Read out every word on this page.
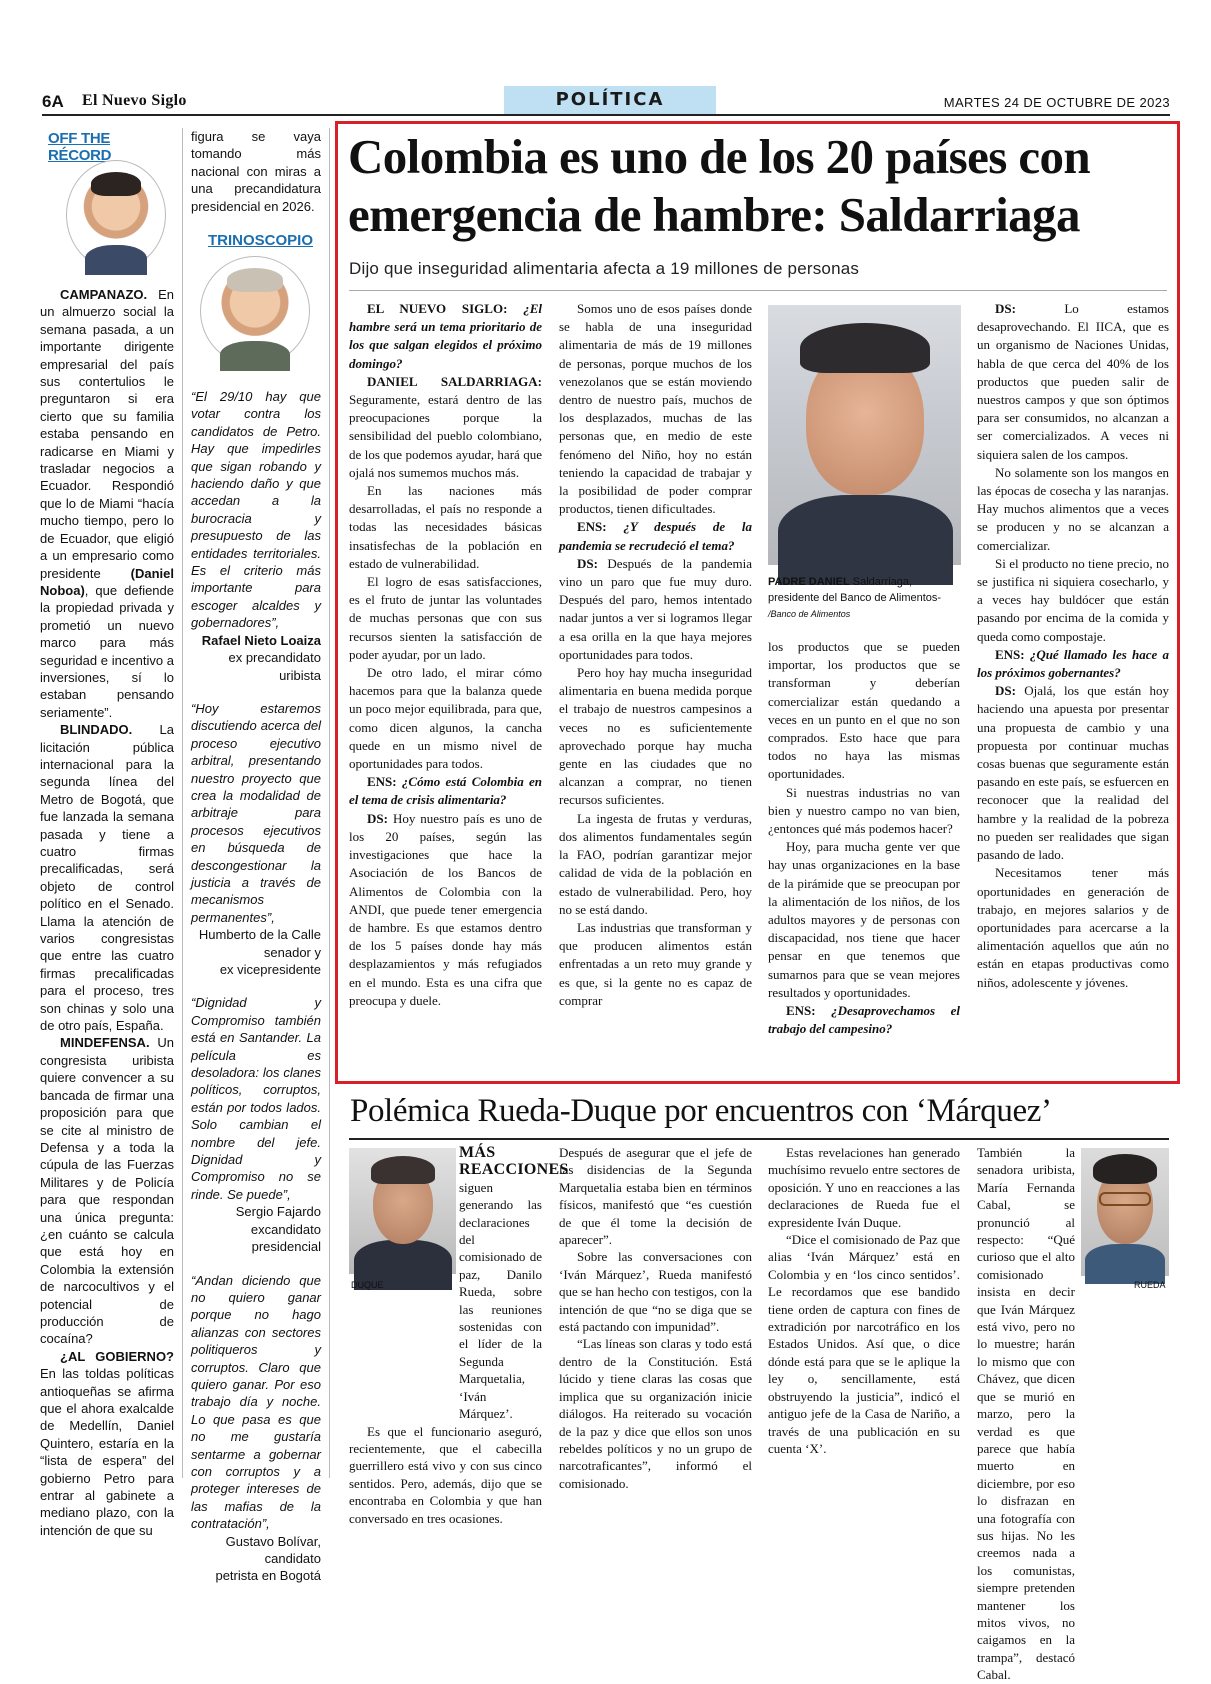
6A El Nuevo Siglo	POLÍTICA	MARTES 24 DE OCTUBRE DE 2023
OFF THE RÉCORD

CAMPANAZO. En un almuerzo social la semana pasada, a un importante dirigente empresarial del país sus contertulios le preguntaron si era cierto que su familia estaba pensando en radicarse en Miami y trasladar negocios a Ecuador. Respondió que lo de Miami “hacía mucho tiempo, pero lo de Ecuador, que eligió a un empresario como presidente (Daniel Noboa), que defiende la propiedad privada y prometió un nuevo marco para más seguridad e incentivo a inversiones, sí lo estaban pensando seriamente”.

BLINDADO. La licitación pública internacional para la segunda línea del Metro de Bogotá, que fue lanzada la semana pasada y tiene a cuatro firmas precalificadas, será objeto de control político en el Senado. Llama la atención de varios congresistas que entre las cuatro firmas precalificadas para el proceso, tres son chinas y solo una de otro país, España.

MINDEFENSA. Un congresista uribista quiere convencer a su bancada de firmar una proposición para que se cite al ministro de Defensa y a toda la cúpula de las Fuerzas Militares y de Policía para que respondan una única pregunta: ¿en cuánto se calcula que está hoy en Colombia la extensión de narcocultivos y el potencial de producción de cocaína?

¿AL GOBIERNO? En las toldas políticas antioqueñas se afirma que el ahora exalcalde de Medellín, Daniel Quintero, estaría en la “lista de espera” del gobierno Petro para entrar al gabinete a mediano plazo, con la intención de que su

figura se vaya tomando más nacional con miras a una precandidatura presidencial en 2026.

TRINOSCOPIO

“El 29/10 hay que votar contra los candidatos de Petro. Hay que impedirles que sigan robando y haciendo daño y que accedan a la burocracia y presupuesto de las entidades territoriales. Es el criterio más importante para escoger alcaldes y gobernadores”,

Rafael Nieto Loaiza

ex precandidato

uribista

“Hoy estaremos discutiendo acerca del proceso ejecutivo arbitral, presentando nuestro proyecto que crea la modalidad de arbitraje para procesos ejecutivos en búsqueda de descongestionar la justicia a través de mecanismos permanentes”,

Humberto de la Calle

senador y

ex vicepresidente

“Dignidad y Compromiso también está en Santander. La película es desoladora: los clanes políticos, corruptos, están por todos lados. Solo cambian el nombre del jefe. Dignidad y Compromiso no se rinde. Se puede”,

Sergio Fajardo

excandidato

presidencial

“Andan diciendo que no quiero ganar porque no hago alianzas con sectores politiqueros y corruptos. Claro que quiero ganar. Por eso trabajo día y noche. Lo que pasa es que no me gustaría sentarme a gobernar con corruptos y a proteger intereses de las mafias de la contratación”,

Gustavo Bolívar,

candidato

petrista en Bogotá

Colombia es uno de los 20 países con emergencia de hambre: Saldarriaga
Dijo que inseguridad alimentaria afecta a 19 millones de personas

EL NUEVO SIGLO: ¿El hambre será un tema prioritario de los que salgan elegidos el próximo domingo?

DANIEL SALDARRIAGA: Seguramente, estará dentro de las preocupaciones porque la sensibilidad del pueblo colombiano, de los que podemos ayudar, hará que ojalá nos sumemos muchos más.

En las naciones más desarrolladas, el país no responde a todas las necesidades básicas insatisfechas de la población en estado de vulnerabilidad.

El logro de esas satisfacciones, es el fruto de juntar las voluntades de muchas personas que con sus recursos sienten la satisfacción de poder ayudar, por un lado.

De otro lado, el mirar cómo hacemos para que la balanza quede un poco mejor equilibrada, para que, como dicen algunos, la cancha quede en un mismo nivel de oportunidades para todos.

ENS: ¿Cómo está Colombia en el tema de crisis alimentaria?

DS: Hoy nuestro país es uno de los 20 países, según las investigaciones que hace la Asociación de los Bancos de Alimentos de Colombia con la ANDI, que puede tener emergencia de hambre. Es que estamos dentro de los 5 países donde hay más desplazamientos y más refugiados en el mundo. Esta es una cifra que preocupa y duele.

Somos uno de esos países donde se habla de una inseguridad alimentaria de más de 19 millones de personas, porque muchos de los venezolanos que se están moviendo dentro de nuestro país, muchos de los desplazados, muchas de las personas que, en medio de este fenómeno del Niño, hoy no están teniendo la capacidad de trabajar y la posibilidad de poder comprar productos, tienen dificultades.

ENS: ¿Y después de la pandemia se recrudeció el tema?

DS: Después de la pandemia vino un paro que fue muy duro. Después del paro, hemos intentado nadar juntos a ver si logramos llegar a esa orilla en la que haya mejores oportunidades para todos.

Pero hoy hay mucha inseguridad alimentaria en buena medida porque el trabajo de nuestros campesinos a veces no es suficientemente aprovechado porque hay mucha gente en las ciudades que no alcanzan a comprar, no tienen recursos suficientes.

La ingesta de frutas y verduras, dos alimentos fundamentales según la FAO, podrían garantizar mejor calidad de vida de la población en estado de vulnerabilidad. Pero, hoy no se está dando.

Las industrias que transforman y que producen alimentos están enfrentadas a un reto muy grande y es que, si la gente no es capaz de comprar

PADRE DANIEL Saldarriaga, presidente del Banco de Alimentos- /Banco de Alimentos

los productos que se pueden importar, los productos que se transforman y deberían comercializar están quedando a veces en un punto en el que no son comprados. Esto hace que para todos no haya las mismas oportunidades.

Si nuestras industrias no van bien y nuestro campo no van bien, ¿entonces qué más podemos hacer?

Hoy, para mucha gente ver que hay unas organizaciones en la base de la pirámide que se preocupan por la alimentación de los niños, de los adultos mayores y de personas con discapacidad, nos tiene que hacer pensar en que tenemos que sumarnos para que se vean mejores resultados y oportunidades.

ENS: ¿Desaprovechamos el trabajo del campesino?

DS:	Lo estamos desaprovechando. El IICA, que es un organismo de Naciones Unidas, habla de que cerca del 40% de los productos que pueden salir de nuestros campos y que son óptimos para ser consumidos, no alcanzan a ser comercializados. A veces ni siquiera salen de los campos.

No solamente son los mangos en las épocas de cosecha y las naranjas. Hay muchos alimentos que a veces se producen y no se alcanzan a comercializar.

Si el producto no tiene precio, no se justifica ni siquiera cosecharlo, y a veces hay buldócer que están pasando por encima de la comida y queda como compostaje.

ENS: ¿Qué llamado les hace a los próximos gobernantes?

DS: Ojalá, los que están hoy haciendo una apuesta por presentar una propuesta de cambio y una propuesta por continuar muchas cosas buenas que seguramente están pasando en este país, se esfuercen en reconocer que la realidad del hambre y la realidad de la pobreza no pueden ser realidades que sigan pasando de lado.

Necesitamos tener más oportunidades en generación de trabajo, en mejores salarios y de oportunidades para acercarse a la alimentación aquellos que aún no están en etapas productivas como niños, adolescente y jóvenes.

Polémica Rueda-Duque por encuentros con ‘Márquez’
DUQUE

MÁS REACCIONES siguen generando las declaraciones del comisionado de paz, Danilo Rueda, sobre las reuniones sostenidas con el líder de la Segunda Marquetalia, ‘Iván Márquez’.

Es que el funcionario aseguró, recientemente, que el cabecilla guerrillero está vivo y con sus cinco sentidos. Pero, además, dijo que se encontraba en Colombia y que han conversado en tres ocasiones.

Después de asegurar que el jefe de las disidencias de la Segunda Marquetalia estaba bien en términos físicos, manifestó que “es cuestión de que él tome la decisión de aparecer”.

Sobre las conversaciones con ‘Iván Márquez’, Rueda manifestó que se han hecho con testigos, con la intención de que “no se diga que se está pactando con impunidad”.

“Las líneas son claras y todo está dentro de la Constitución. Está lúcido y tiene claras las cosas que implica que su organización inicie diálogos. Ha reiterado su vocación de la paz y dice que ellos son unos rebeldes políticos y no un grupo de narcotraficantes”, informó el comisionado.

Estas revelaciones han generado muchísimo revuelo entre sectores de oposición. Y uno en reacciones a las declaraciones de Rueda fue el expresidente Iván Duque.

“Dice el comisionado de Paz que alias ‘Iván Márquez’ está en Colombia y en ‘los cinco sentidos’. Le recordamos que ese bandido tiene orden de captura con fines de extradición por narcotráfico en los Estados Unidos. Así que, o dice dónde está para que se le aplique la ley o, sencillamente, está obstruyendo la justicia”, indicó el antiguo jefe de la Casa de Nariño, a través de una publicación en su cuenta ‘X’.

También la senadora uribista, María Fernanda Cabal, se pronunció al respecto: “Qué curioso que el alto comisionado insista en decir que Iván Márquez está vivo, pero no lo muestre; harán lo mismo que con Chávez, que dicen que se murió en marzo, pero la verdad es que parece que había muerto en diciembre, por eso lo disfrazan en una fotografía con sus hijas. No les creemos nada a los comunistas, siempre pretenden mantener los mitos vivos, no caigamos en la trampa”, destacó Cabal.

RUEDA
